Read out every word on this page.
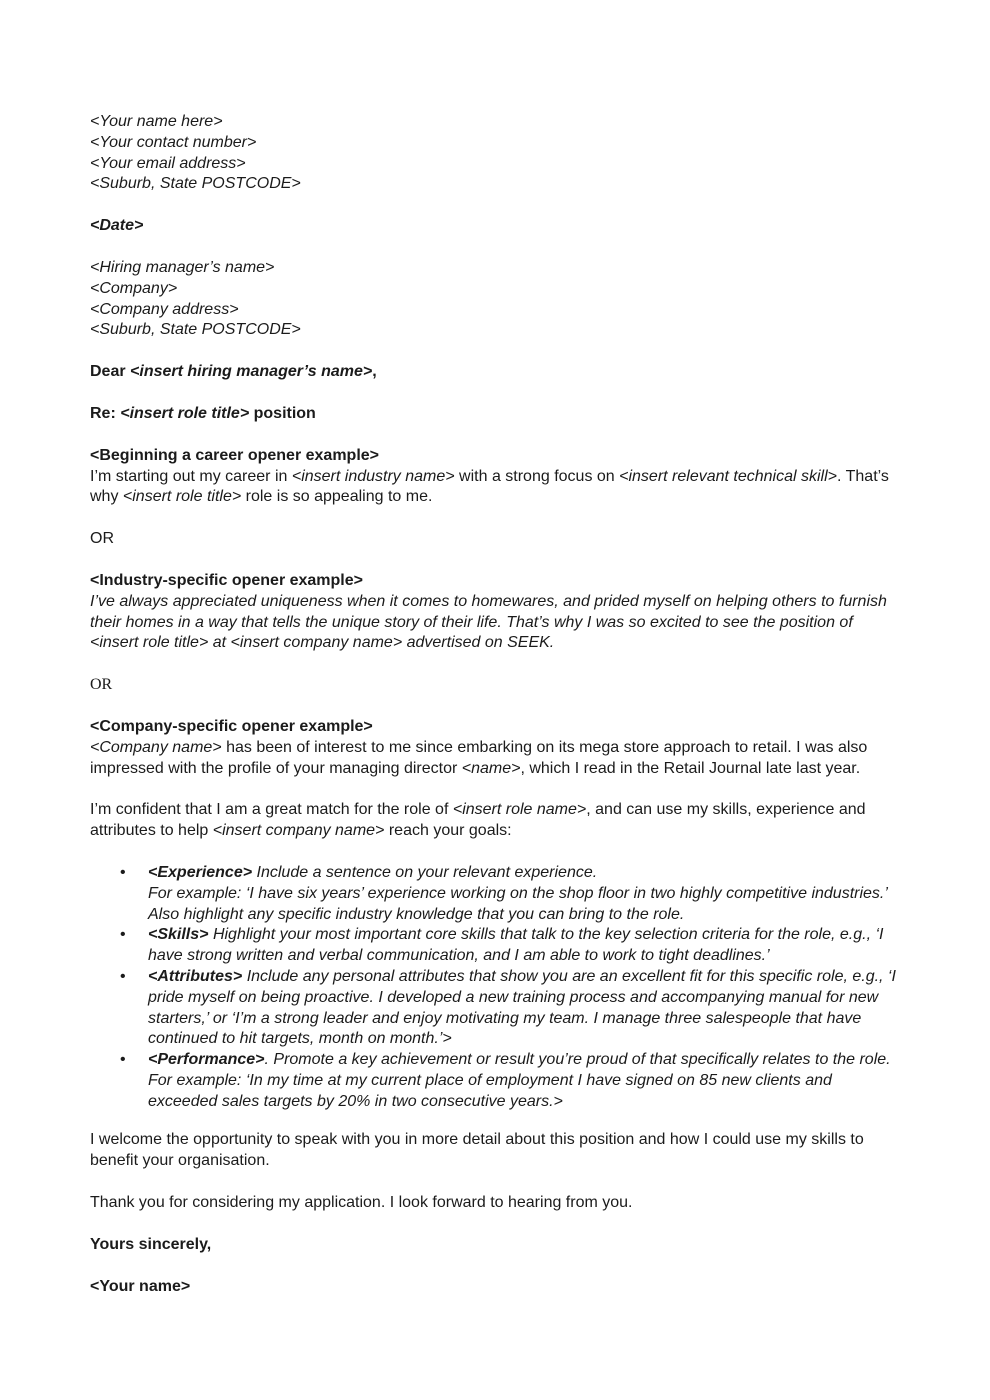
<Your name here>
<Your contact number>
<Your email address>
<Suburb, State POSTCODE>

<Date>

<Hiring manager’s name>
<Company>
<Company address>
<Suburb, State POSTCODE>

Dear <insert hiring manager’s name>,

Re: <insert role title> position

<Beginning a career opener example>
I’m starting out my career in <insert industry name> with a strong focus on <insert relevant technical skill>. That’s why <insert role title> role is so appealing to me.

OR

<Industry-specific opener example>
I’ve always appreciated uniqueness when it comes to homewares, and prided myself on helping others to furnish their homes in a way that tells the unique story of their life. That’s why I was so excited to see the position of <insert role title> at <insert company name> advertised on SEEK.

OR

<Company-specific opener example>
<Company name> has been of interest to me since embarking on its mega store approach to retail. I was also impressed with the profile of your managing director <name>, which I read in the Retail Journal late last year.

I’m confident that I am a great match for the role of <insert role name>, and can use my skills, experience and attributes to help <insert company name> reach your goals:

• <Experience> Include a sentence on your relevant experience.
For example: ‘I have six years’ experience working on the shop floor in two highly competitive industries.’ Also highlight any specific industry knowledge that you can bring to the role.
• <Skills> Highlight your most important core skills that talk to the key selection criteria for the role, e.g., ‘I have strong written and verbal communication, and I am able to work to tight deadlines.’
• <Attributes> Include any personal attributes that show you are an excellent fit for this specific role, e.g., ‘I pride myself on being proactive. I developed a new training process and accompanying manual for new starters,’ or ‘I’m a strong leader and enjoy motivating my team. I manage three salespeople that have continued to hit targets, month on month.’>
• <Performance>. Promote a key achievement or result you’re proud of that specifically relates to the role. For example: ‘In my time at my current place of employment I have signed on 85 new clients and exceeded sales targets by 20% in two consecutive years.>

I welcome the opportunity to speak with you in more detail about this position and how I could use my skills to benefit your organisation.

Thank you for considering my application. I look forward to hearing from you.

Yours sincerely,

<Your name>
